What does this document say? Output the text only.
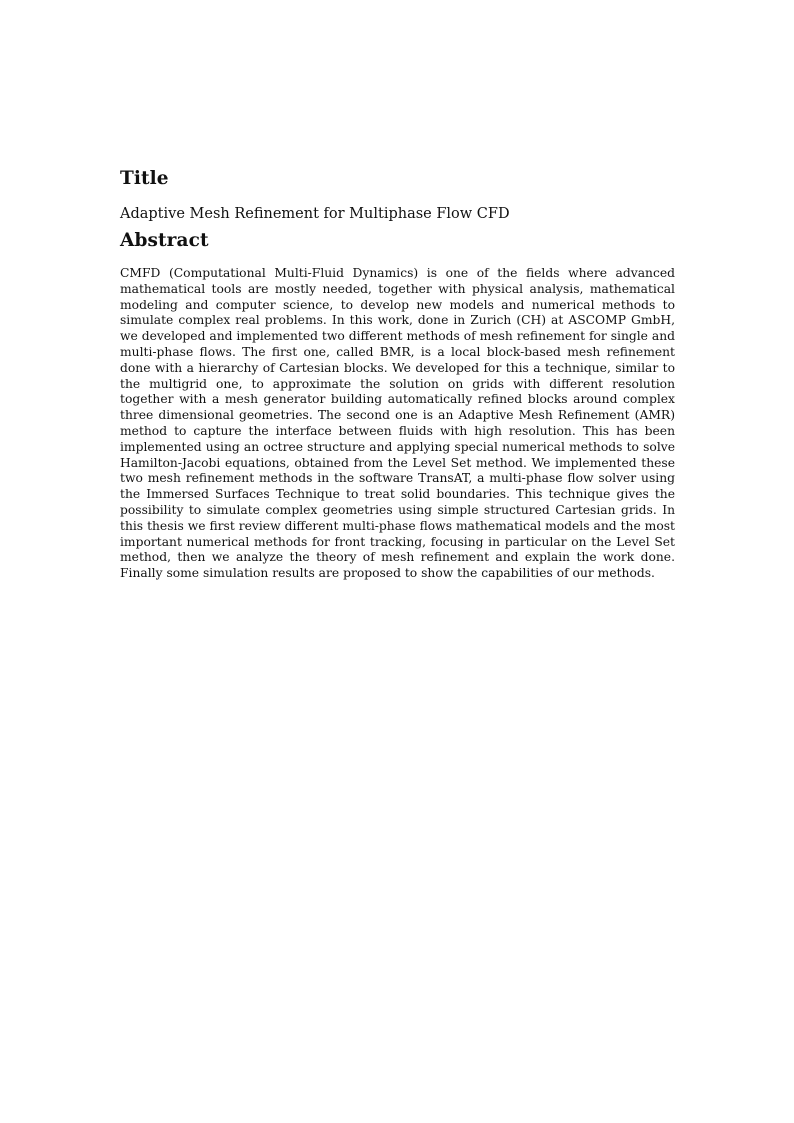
Title

Adaptive Mesh Refinement for Multiphase Flow CFD

Abstract

CMFD (Computational Multi-Fluid Dynamics) is one of the fields where advanced mathematical tools are mostly needed, together with physical analysis, mathematical modeling and computer science, to develop new models and numerical methods to simulate complex real problems. In this work, done in Zurich (CH) at ASCOMP GmbH, we developed and implemented two different methods of mesh refinement for single and multi-phase flows. The first one, called BMR, is a local block-based mesh refinement done with a hierarchy of Cartesian blocks. We developed for this a technique, similar to the multigrid one, to approximate the solution on grids with different resolution together with a mesh generator building automatically refined blocks around complex three dimensional geometries. The second one is an Adaptive Mesh Refinement (AMR) method to capture the interface between fluids with high resolution. This has been implemented using an octree structure and applying special numerical methods to solve Hamilton-Jacobi equations, obtained from the Level Set method. We implemented these two mesh refinement methods in the software TransAT, a multi-phase flow solver using the Immersed Surfaces Technique to treat solid boundaries. This technique gives the possibility to simulate complex geometries using simple structured Cartesian grids. In this thesis we first review different multi-phase flows mathematical models and the most important numerical methods for front tracking, focusing in particular on the Level Set method, then we analyze the theory of mesh refinement and explain the work done. Finally some simulation results are proposed to show the capabilities of our methods.
